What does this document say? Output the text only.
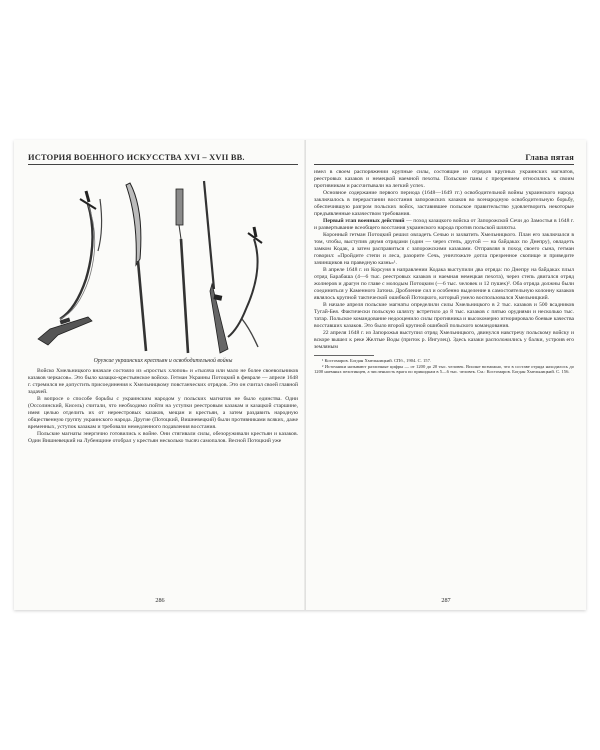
ИСТОРИЯ ВОЕННОГО ИСКУССТВА XVI – XVII ВВ.
Оружие украинских крестьян и освободительной войны

Войско Хмельницкого вначале состояло из «простых хлопов» и «тысяча или мало не более своевольников казаков черкасов». Это было казацко-крестьянское войско. Гетман Украины Потоцкий в феврале — апреле 1648 г. стремился не допустить присоединения к Хмельницкому повстанческих отрядов. Это он считал своей главной задачей.

В вопросе о способе борьбы с украинским народом у польских магнатов не было единства. Одни (Оссолинский, Кисель) считали, что необходимо пойти на уступки реестровым казакам и казацкой старшине, имея целью отделить их от нереестровых казаков, мещан и крестьян, а затем раздавить народную общественную группу украинского народа. Другие (Потоцкий, Вишневецкий) были противниками всяких, даже временных, уступок казакам и требовали немедленного подавления восстания.

Польские магнаты энергично готовились к войне. Они стягивали силы, обезоруживали крестьян и казаков. Один Вишневецкий на Лубенщине отобрал у крестьян несколько тысяч самопалов. Весной Потоцкий уже

286
Глава пятая

имел в своем распоряжении крупные силы, состоящие из отрядов крупных украинских магнатов, реестровых казаков и немецкой наемной пехоты. Польские паны с презрением относились к своим противникам и рассчитывали на легкий успех.

Основное содержание первого периода (1648—1649 гг.) освободительной войны украинского народа заключалось в перерастании восстания запорожских казаков во всенародную освободительную борьбу, обеспечившую разгром польских войск, заставившее польское правительство удовлетворить некоторые предъявленные казачеством требования.

Первый этап военных действий — поход казацкого войска от Запорожской Сечи до Замостья в 1648 г. и развертывание всеобщего восстания украинского народа против польской шляхты.

Коронный гетман Потоцкий решил овладеть Сечью и захватить Хмельницкого. План его заключался в том, чтобы, выступив двумя отрядами (один — через степь, другой — на байдаках по Днепру), овладеть замком Кодак, а затем расправиться с запорожскими казаками. Отправляя в поход своего сына, гетман говорил: «Пройдите степи и леса, разорите Сечь, уничтожьте дотла презренное скопище и приведите зачинщиков на праведную казнь»¹.

В апреле 1648 г. из Корсуня в направлении Кодака выступили два отряда: по Днепру на байдаках плыл отряд Барабаша (4—6 тыс. реестровых казаков и наемная немецкая пехота), через степь двигался отряд жолнеров и драгун по главе с молодым Потоцким (—6 тыс. человек и 12 пушек)². Оба отряда должны были соединиться у Каменного Затона. Дробление сил и особенно выделение в самостоятельную колонну казаков являлось крупной тактической ошибкой Потоцкого, который умело воспользовался Хмельницкий.

В начале апреля польские магнаты определили силы Хмельницкого в 2 тыс. казаков и 500 всадников Тугай-Бея. Фактически польскую шляхту встретило до 8 тыс. казаков с пятью орудиями и несколько тыс. татар. Польское командование недооценило силы противника и высокомерно игнорировало боевые качества восставших казаков. Это было второй крупной ошибкой польского командования.

22 апреля 1648 г. из Запорожья выступил отряд Хмельницкого, двинулся навстречу польскому войску и вскоре вышел к реке Желтые Воды (приток р. Ингулец). Здесь казаки расположились у балки, устроив его земляным

¹ Костомаров. Богдан Хмельницкий. СПб., 1904. С. 157.

² Источники называют различные цифры — от 1200 до 20 тыс. человек. Вполне возможно, что в составе отряда находилось до 1200 наемных пехотинцев, а численность врага по прикидкам в 5—6 тыс. человек. См.: Костомаров. Богдан Хмельницкий. С. 156.

287
